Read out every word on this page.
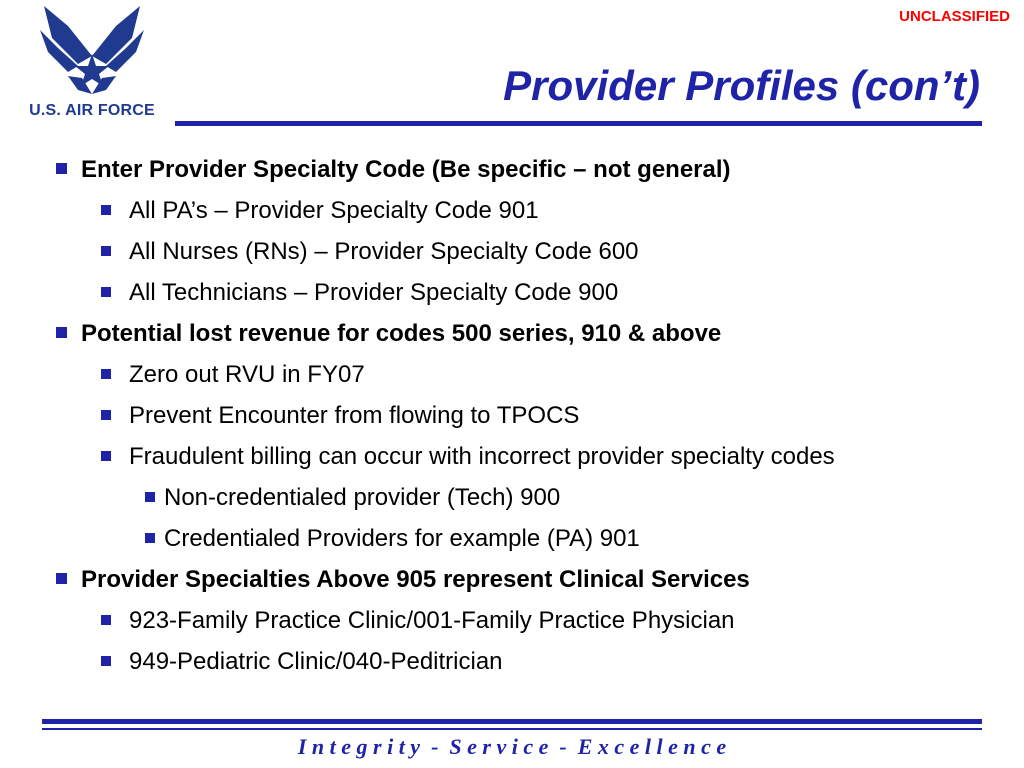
U.S. AIR FORCE
UNCLASSIFIED
Provider Profiles (con’t)
Enter Provider Specialty Code (Be specific – not general)
All PA’s – Provider Specialty Code 901
All Nurses (RNs) – Provider Specialty Code 600
All Technicians – Provider Specialty Code 900
Potential lost revenue for codes 500 series, 910 & above
Zero out RVU in FY07
Prevent Encounter from flowing to TPOCS
Fraudulent billing can occur with incorrect provider specialty codes
Non-credentialed provider (Tech) 900
Credentialed Providers for example (PA) 901
Provider Specialties Above 905 represent Clinical Services
923-Family Practice Clinic/001-Family Practice Physician
949-Pediatric Clinic/040-Peditrician
I n t e g r i t y  -  S e r v i c e  -  E x c e l l e n c e
